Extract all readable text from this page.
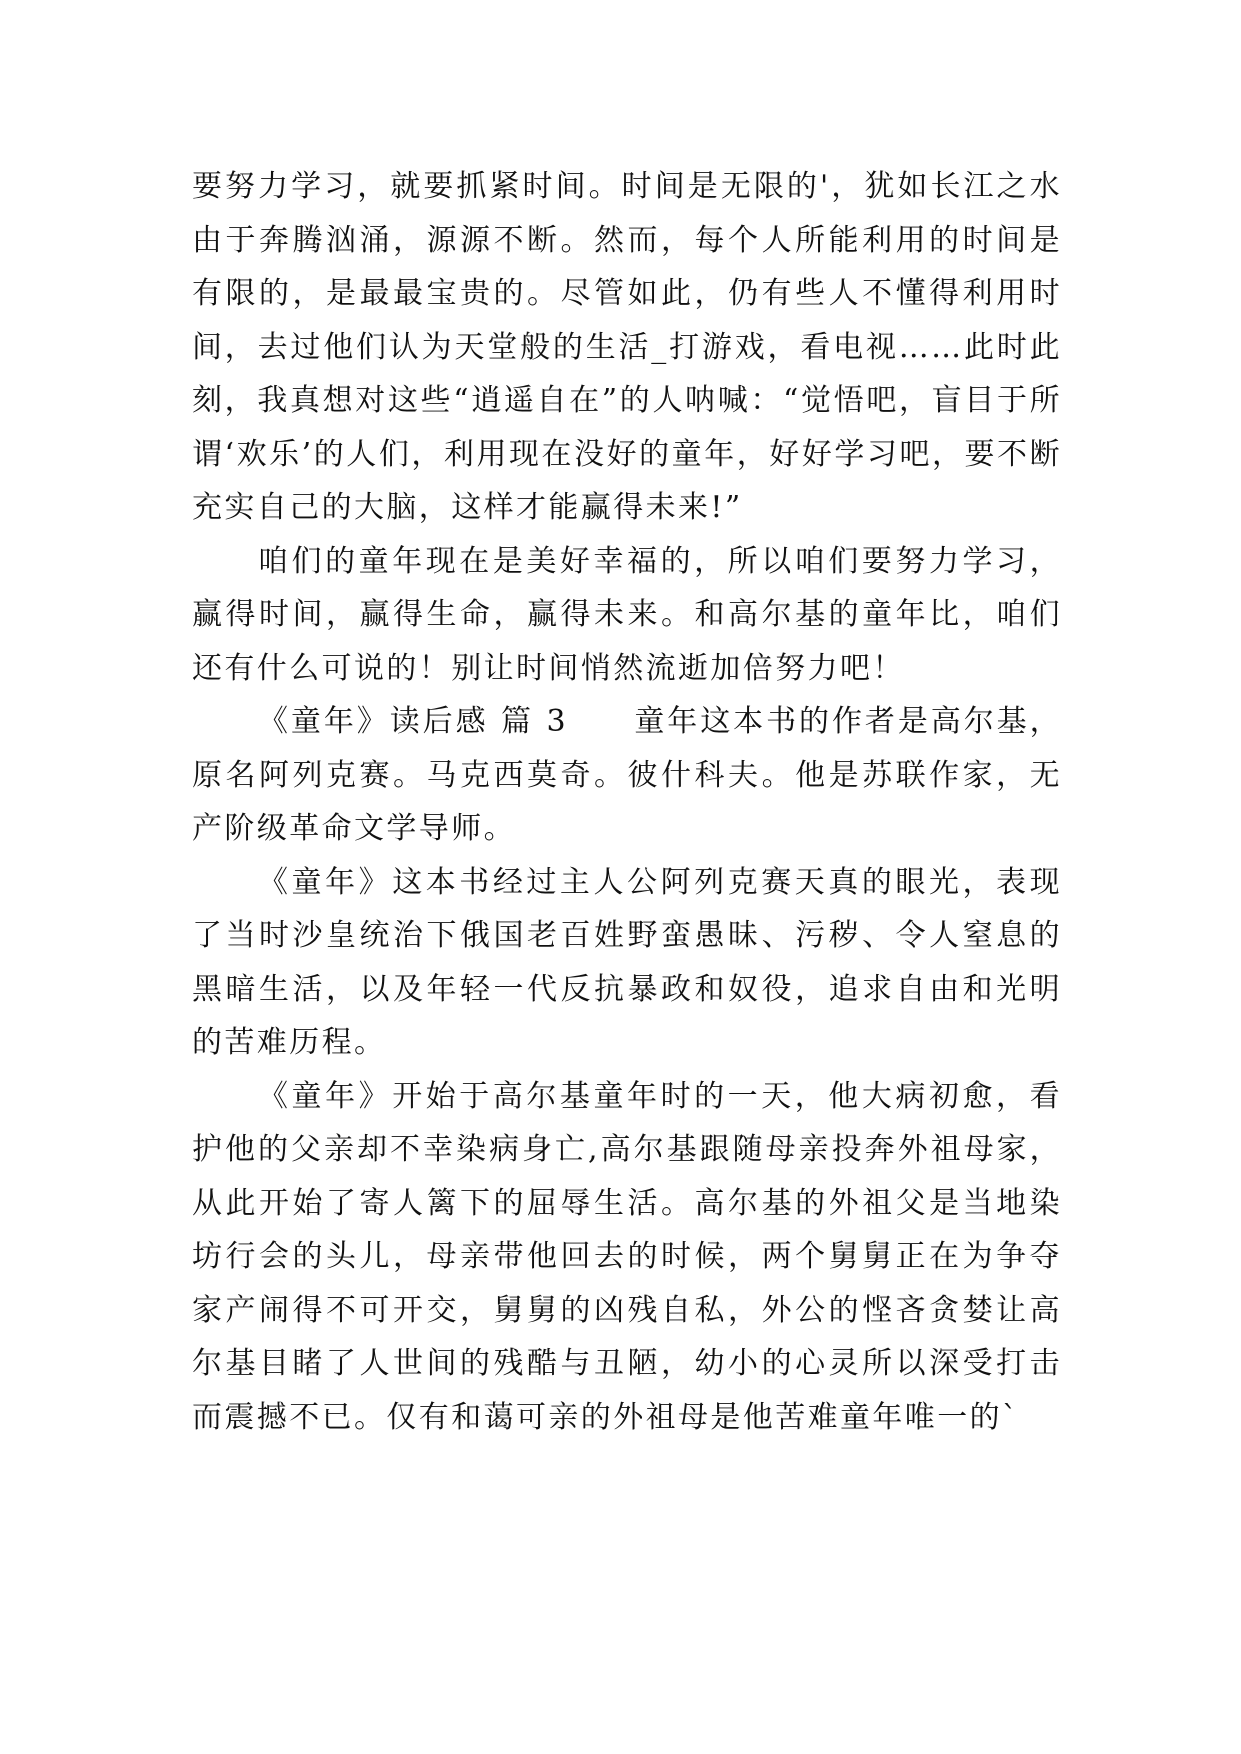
要努力学习，就要抓紧时间。时间是无限的'，犹如长江之水由于奔腾汹涌，源源不断。然而，每个人所能利用的时间是有限的，是最最宝贵的。尽管如此，仍有些人不懂得利用时间，去过他们认为天堂般的生活_打游戏，看电视……此时此刻，我真想对这些“逍遥自在”的人呐喊：“觉悟吧，盲目于所谓‘欢乐’的人们，利用现在没好的童年，好好学习吧，要不断充实自己的大脑，这样才能赢得未来!”

咱们的童年现在是美好幸福的，所以咱们要努力学习，赢得时间，赢得生命，赢得未来。和高尔基的童年比，咱们还有什么可说的！别让时间悄然流逝加倍努力吧！

《童年》读后感 篇 3　　童年这本书的作者是高尔基，原名阿列克赛。马克西莫奇。彼什科夫。他是苏联作家，无产阶级革命文学导师。

《童年》这本书经过主人公阿列克赛天真的眼光，表现了当时沙皇统治下俄国老百姓野蛮愚昧、污秽、令人窒息的黑暗生活，以及年轻一代反抗暴政和奴役，追求自由和光明的苦难历程。

《童年》开始于高尔基童年时的一天，他大病初愈，看护他的父亲却不幸染病身亡,高尔基跟随母亲投奔外祖母家，从此开始了寄人篱下的屈辱生活。高尔基的外祖父是当地染坊行会的头儿，母亲带他回去的时候，两个舅舅正在为争夺家产闹得不可开交，舅舅的凶残自私，外公的悭吝贪婪让高尔基目睹了人世间的残酷与丑陋，幼小的心灵所以深受打击而震撼不已。仅有和蔼可亲的外祖母是他苦难童年唯一的`
